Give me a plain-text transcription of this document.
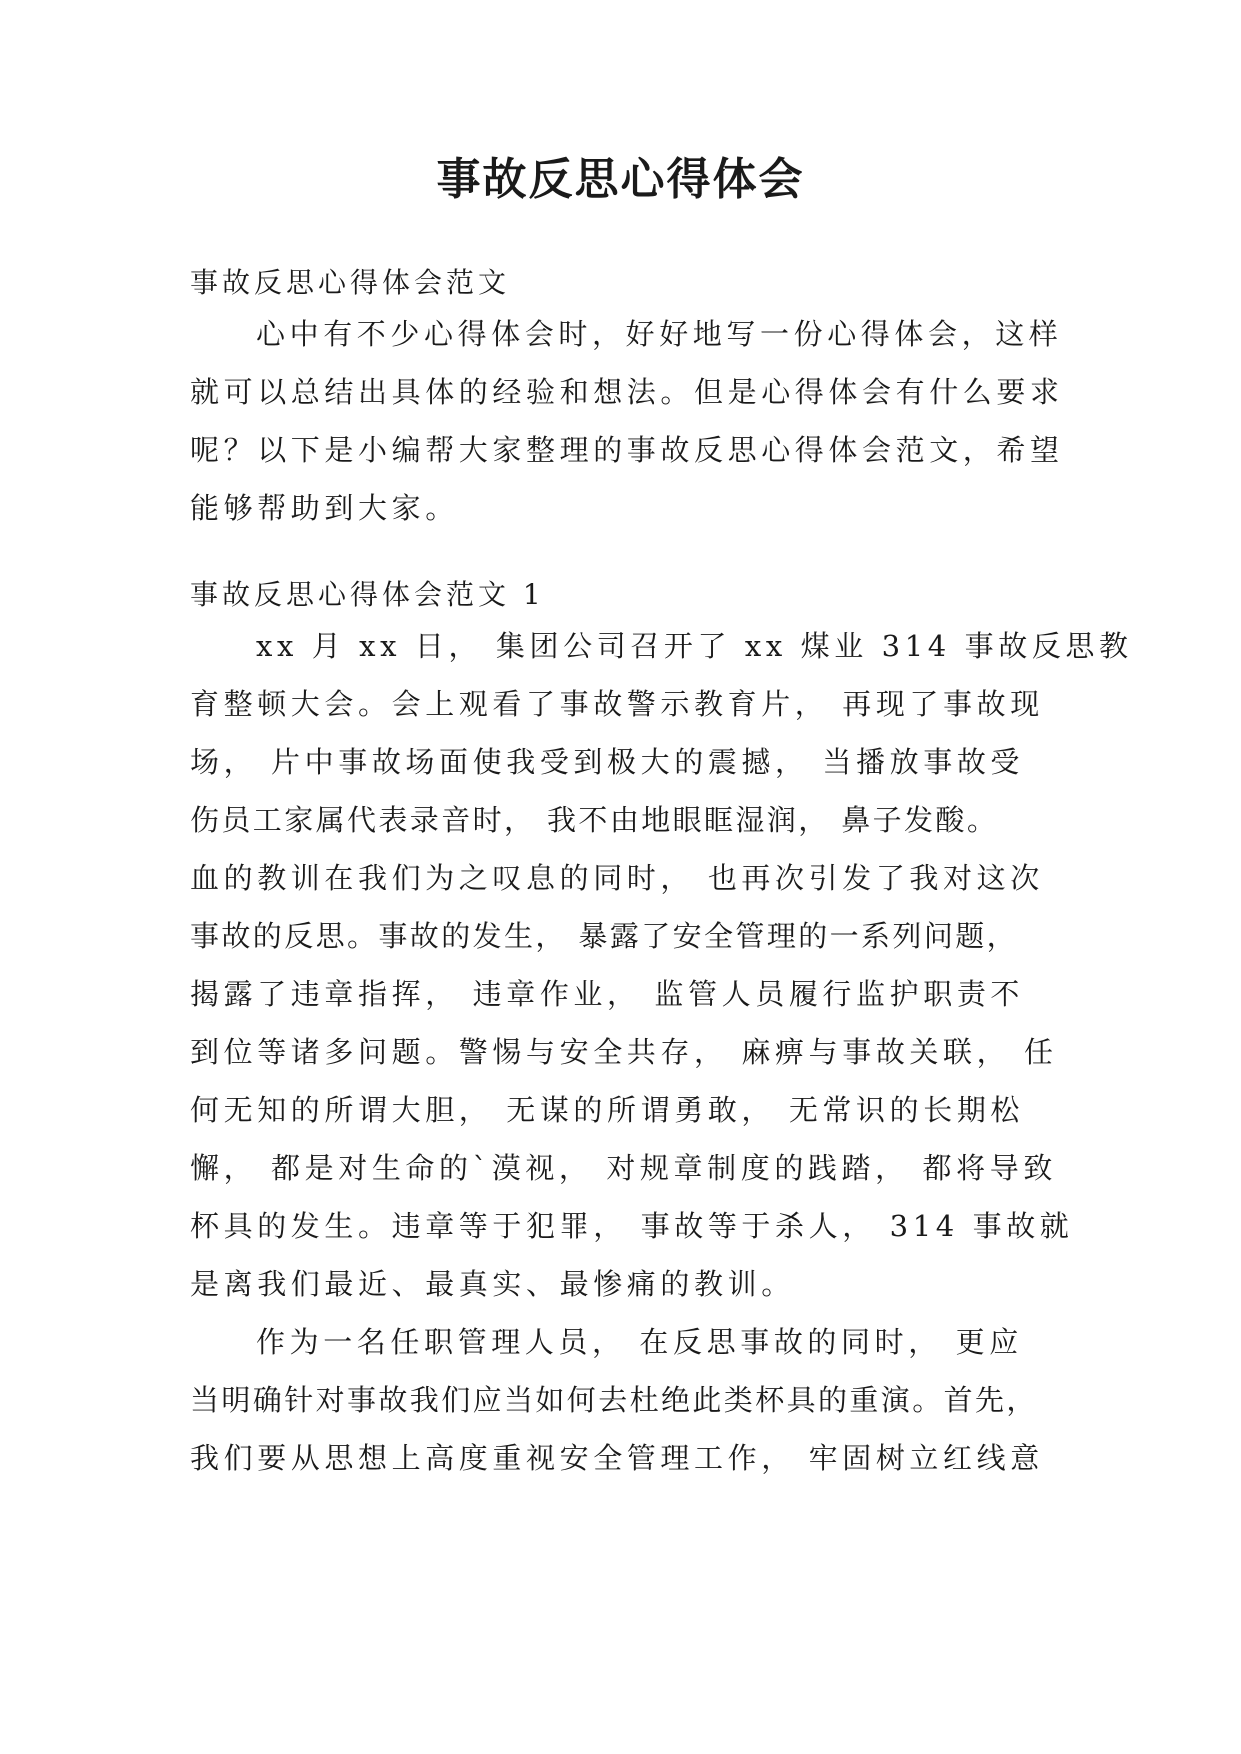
事故反思心得体会

事故反思心得体会范文

心中有不少心得体会时，好好地写一份心得体会，这样
就可以总结出具体的经验和想法。但是心得体会有什么要求
呢？以下是小编帮大家整理的事故反思心得体会范文，希望
能够帮助到大家。

事故反思心得体会范文 1

xx 月 xx 日， 集团公司召开了 xx 煤业 314 事故反思教
育整顿大会。会上观看了事故警示教育片， 再现了事故现
场， 片中事故场面使我受到极大的震撼， 当播放事故受
伤员工家属代表录音时， 我不由地眼眶湿润， 鼻子发酸。
血的教训在我们为之叹息的同时， 也再次引发了我对这次
事故的反思。事故的发生， 暴露了安全管理的一系列问题，
揭露了违章指挥， 违章作业， 监管人员履行监护职责不
到位等诸多问题。警惕与安全共存， 麻痹与事故关联， 任
何无知的所谓大胆， 无谋的所谓勇敢， 无常识的长期松
懈， 都是对生命的`漠视， 对规章制度的践踏， 都将导致
杯具的发生。违章等于犯罪， 事故等于杀人， 314 事故就
是离我们最近、最真实、最惨痛的教训。
作为一名任职管理人员， 在反思事故的同时， 更应
当明确针对事故我们应当如何去杜绝此类杯具的重演。首先，
我们要从思想上高度重视安全管理工作， 牢固树立红线意
